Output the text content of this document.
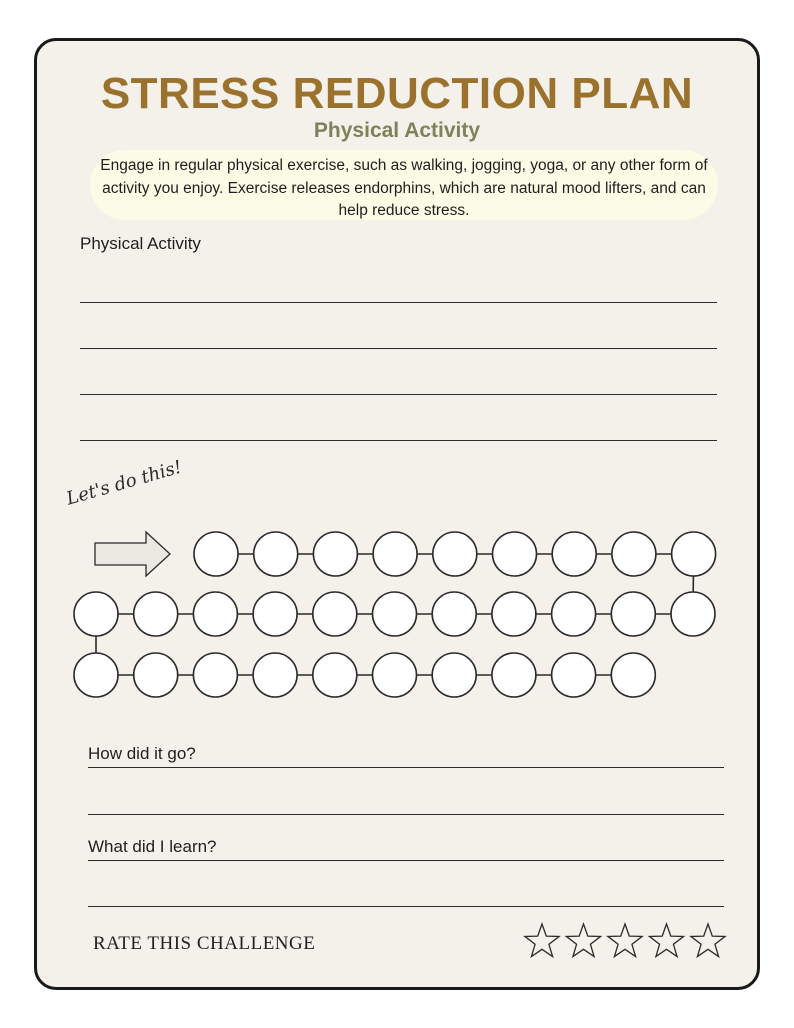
STRESS REDUCTION PLAN
Physical Activity

Engage in regular physical exercise, such as walking, jogging, yoga, or any other form of activity you enjoy. Exercise releases endorphins, which are natural mood lifters, and can help reduce stress.

Physical Activity
Let's do this!
How did it go?
What did I learn?
RATE THIS CHALLENGE
